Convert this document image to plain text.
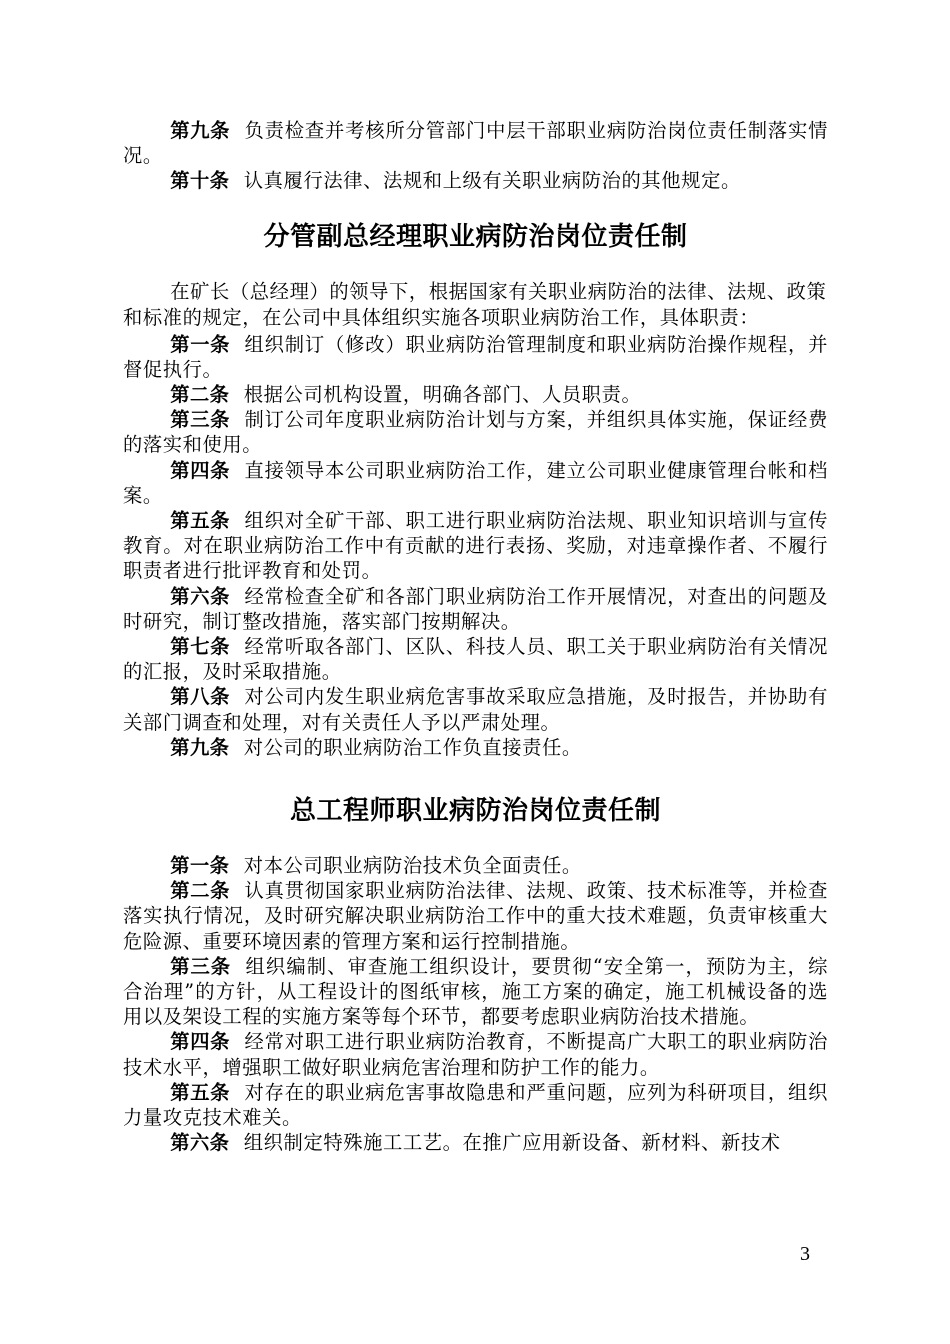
第九条 负责检查并考核所分管部门中层干部职业病防治岗位责任制落实情况。

第十条 认真履行法律、法规和上级有关职业病防治的其他规定。

分管副总经理职业病防治岗位责任制

在矿长（总经理）的领导下，根据国家有关职业病防治的法律、法规、政策和标准的规定，在公司中具体组织实施各项职业病防治工作，具体职责：

第一条 组织制订（修改）职业病防治管理制度和职业病防治操作规程，并督促执行。

第二条 根据公司机构设置，明确各部门、人员职责。

第三条 制订公司年度职业病防治计划与方案，并组织具体实施，保证经费的落实和使用。

第四条 直接领导本公司职业病防治工作，建立公司职业健康管理台帐和档案。

第五条 组织对全矿干部、职工进行职业病防治法规、职业知识培训与宣传教育。对在职业病防治工作中有贡献的进行表扬、奖励，对违章操作者、不履行职责者进行批评教育和处罚。

第六条 经常检查全矿和各部门职业病防治工作开展情况，对查出的问题及时研究，制订整改措施，落实部门按期解决。

第七条 经常听取各部门、区队、科技人员、职工关于职业病防治有关情况的汇报，及时采取措施。

第八条 对公司内发生职业病危害事故采取应急措施，及时报告，并协助有关部门调查和处理，对有关责任人予以严肃处理。

第九条 对公司的职业病防治工作负直接责任。

总工程师职业病防治岗位责任制

第一条 对本公司职业病防治技术负全面责任。

第二条 认真贯彻国家职业病防治法律、法规、政策、技术标准等，并检查落实执行情况，及时研究解决职业病防治工作中的重大技术难题，负责审核重大危险源、重要环境因素的管理方案和运行控制措施。

第三条 组织编制、审查施工组织设计，要贯彻“安全第一，预防为主，综合治理”的方针，从工程设计的图纸审核，施工方案的确定，施工机械设备的选用以及架设工程的实施方案等每个环节，都要考虑职业病防治技术措施。

第四条 经常对职工进行职业病防治教育，不断提高广大职工的职业病防治技术水平，增强职工做好职业病危害治理和防护工作的能力。

第五条 对存在的职业病危害事故隐患和严重问题，应列为科研项目，组织力量攻克技术难关。

第六条 组织制定特殊施工工艺。在推广应用新设备、新材料、新技术

3
